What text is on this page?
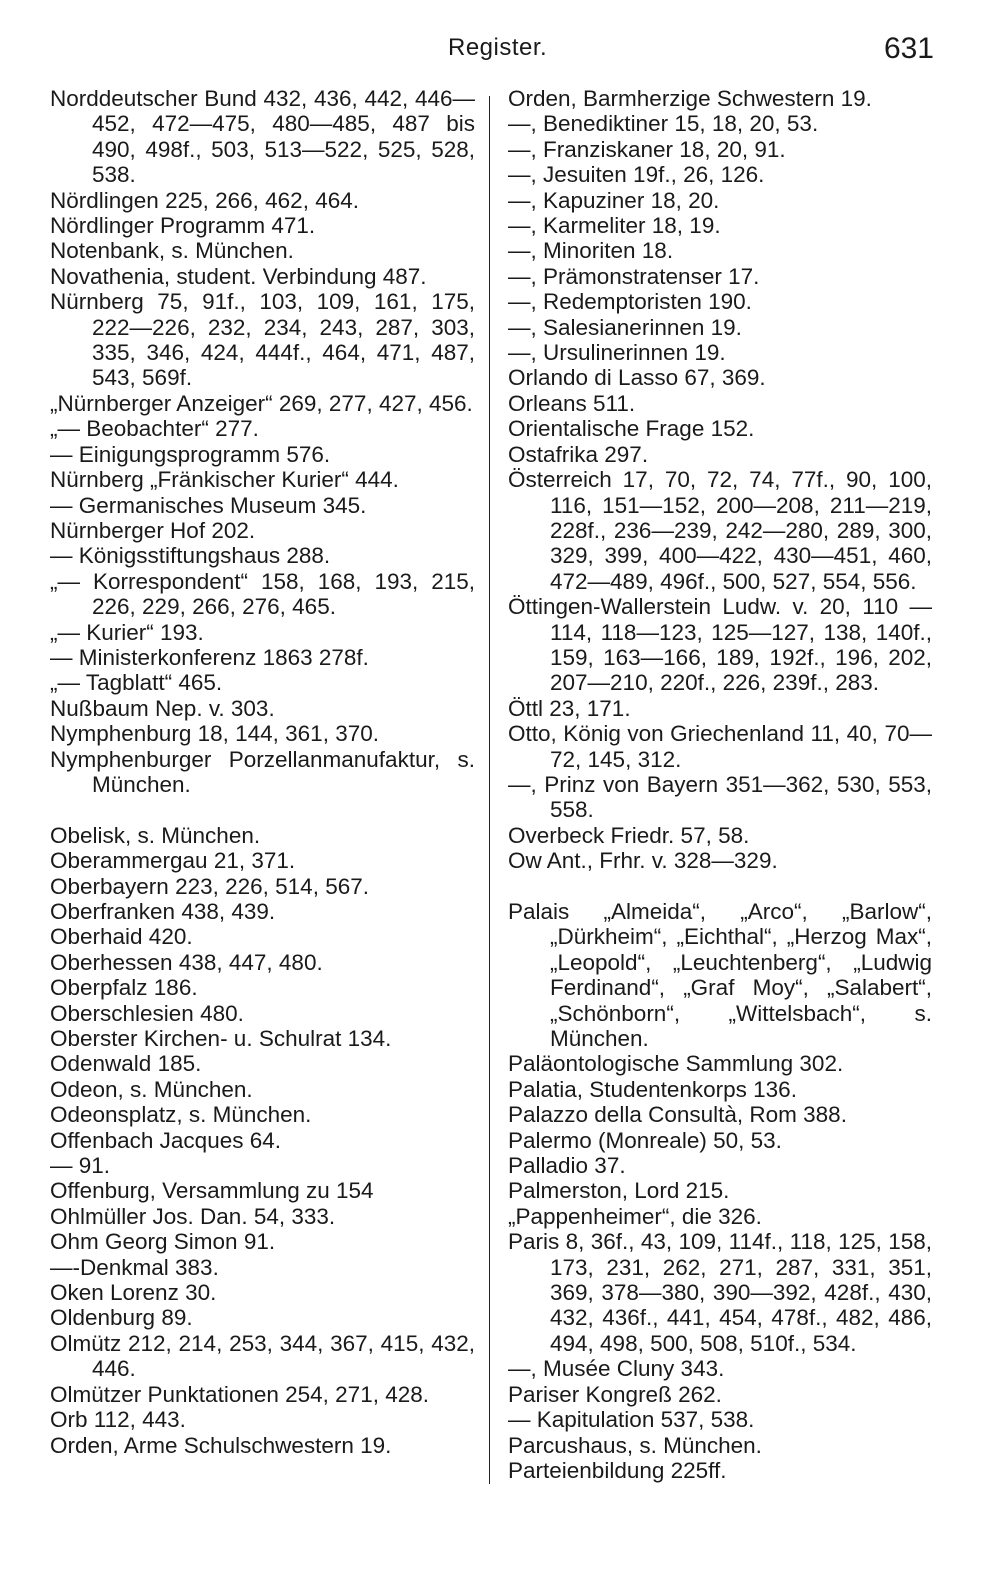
Register.	631
Norddeutscher Bund 432, 436, 442, 446—452, 472—475, 480—485, 487 bis 490, 498f., 503, 513—522, 525, 528, 538.
Nördlingen 225, 266, 462, 464.
Nördlinger Programm 471.
Notenbank, s. München.
Novathenia, student. Verbindung 487.
Nürnberg 75, 91f., 103, 109, 161, 175, 222—226, 232, 234, 243, 287, 303, 335, 346, 424, 444f., 464, 471, 487, 543, 569f.
„Nürnberger Anzeiger“ 269, 277, 427, 456.
„— Beobachter“ 277.
— Einigungsprogramm 576.
Nürnberg „Fränkischer Kurier“ 444.
— Germanisches Museum 345.
Nürnberger Hof 202.
— Königsstiftungshaus 288.
„— Korrespondent“ 158, 168, 193, 215, 226, 229, 266, 276, 465.
„— Kurier“ 193.
— Ministerkonferenz 1863 278f.
„— Tagblatt“ 465.
Nußbaum Nep. v. 303.
Nymphenburg 18, 144, 361, 370.
Nymphenburger Porzellanmanufaktur, s. München.
Obelisk, s. München.
Oberammergau 21, 371.
Oberbayern 223, 226, 514, 567.
Oberfranken 438, 439.
Oberhaid 420.
Oberhessen 438, 447, 480.
Oberpfalz 186.
Oberschlesien 480.
Oberster Kirchen- u. Schulrat 134.
Odenwald 185.
Odeon, s. München.
Odeonsplatz, s. München.
Offenbach Jacques 64.
— 91.
Offenburg, Versammlung zu 154
Ohlmüller Jos. Dan. 54, 333.
Ohm Georg Simon 91.
—-Denkmal 383.
Oken Lorenz 30.
Oldenburg 89.
Olmütz 212, 214, 253, 344, 367, 415, 432, 446.
Olmützer Punktationen 254, 271, 428.
Orb 112, 443.
Orden, Arme Schulschwestern 19.
Orden, Barmherzige Schwestern 19.
—, Benediktiner 15, 18, 20, 53.
—, Franziskaner 18, 20, 91.
—, Jesuiten 19f., 26, 126.
—, Kapuziner 18, 20.
—, Karmeliter 18, 19.
—, Minoriten 18.
—, Prämonstratenser 17.
—, Redemptoristen 190.
—, Salesianerinnen 19.
—, Ursulinerinnen 19.
Orlando di Lasso 67, 369.
Orleans 511.
Orientalische Frage 152.
Ostafrika 297.
Österreich 17, 70, 72, 74, 77f., 90, 100, 116, 151—152, 200—208, 211—219, 228f., 236—239, 242—280, 289, 300, 329, 399, 400—422, 430—451, 460, 472—489, 496f., 500, 527, 554, 556.
Öttingen-Wallerstein Ludw. v. 20, 110 —114, 118—123, 125—127, 138, 140f., 159, 163—166, 189, 192f., 196, 202, 207—210, 220f., 226, 239f., 283.
Öttl 23, 171.
Otto, König von Griechenland 11, 40, 70—72, 145, 312.
—, Prinz von Bayern 351—362, 530, 553, 558.
Overbeck Friedr. 57, 58.
Ow Ant., Frhr. v. 328—329.
Palais „Almeida“, „Arco“, „Barlow“, „Dürkheim“, „Eichthal“, „Herzog Max“, „Leopold“, „Leuchtenberg“, „Ludwig Ferdinand“, „Graf Moy“, „Salabert“, „Schönborn“, „Wittelsbach“, s. München.
Paläontologische Sammlung 302.
Palatia, Studentenkorps 136.
Palazzo della Consultà, Rom 388.
Palermo (Monreale) 50, 53.
Palladio 37.
Palmerston, Lord 215.
„Pappenheimer“, die 326.
Paris 8, 36f., 43, 109, 114f., 118, 125, 158, 173, 231, 262, 271, 287, 331, 351, 369, 378—380, 390—392, 428f., 430, 432, 436f., 441, 454, 478f., 482, 486, 494, 498, 500, 508, 510f., 534.
—, Musée Cluny 343.
Pariser Kongreß 262.
— Kapitulation 537, 538.
Parcushaus, s. München.
Parteienbildung 225ff.
